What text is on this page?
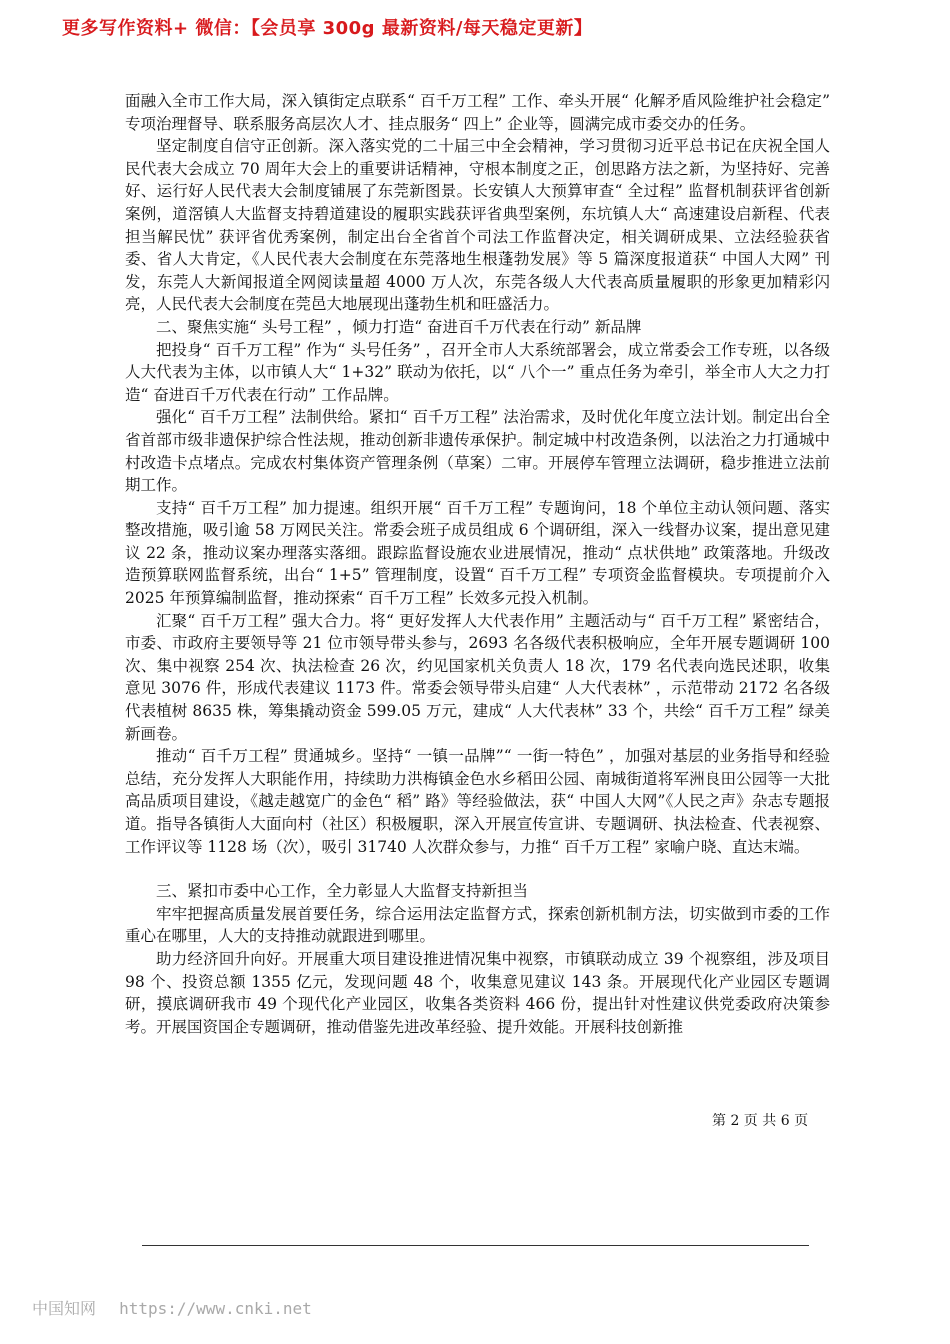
更多写作资料+ 微信：【会员享 300g 最新资料/每天稳定更新】

面融入全市工作大局，深入镇街定点联系“ 百千万工程” 工作、牵头开展“ 化解矛盾风险维护社会稳定” 专项治理督导、联系服务高层次人才、挂点服务“ 四上” 企业等，圆满完成市委交办的任务。

坚定制度自信守正创新。深入落实党的二十届三中全会精神，学习贯彻习近平总书记在庆祝全国人民代表大会成立 70 周年大会上的重要讲话精神，守根本制度之正，创思路方法之新，为坚持好、完善好、运行好人民代表大会制度铺展了东莞新图景。长安镇人大预算审查“ 全过程” 监督机制获评省创新案例，道滘镇人大监督支持碧道建设的履职实践获评省典型案例，东坑镇人大“ 高速建设启新程、代表担当解民忧” 获评省优秀案例，制定出台全省首个司法工作监督决定，相关调研成果、立法经验获省委、省人大肯定，《人民代表大会制度在东莞落地生根蓬勃发展》等 5 篇深度报道获“ 中国人大网” 刊发，东莞人大新闻报道全网阅读量超 4000 万人次，东莞各级人大代表高质量履职的形象更加精彩闪亮，人民代表大会制度在莞邑大地展现出蓬勃生机和旺盛活力。

二、聚焦实施“ 头号工程” ，倾力打造“ 奋进百千万代表在行动” 新品牌

把投身“ 百千万工程” 作为“ 头号任务” ，召开全市人大系统部署会，成立常委会工作专班，以各级人大代表为主体，以市镇人大“ 1+32” 联动为依托，以“ 八个一” 重点任务为牵引，举全市人大之力打造“ 奋进百千万代表在行动” 工作品牌。

强化“ 百千万工程” 法制供给。紧扣“ 百千万工程” 法治需求，及时优化年度立法计划。制定出台全省首部市级非遗保护综合性法规，推动创新非遗传承保护。制定城中村改造条例，以法治之力打通城中村改造卡点堵点。完成农村集体资产管理条例（草案）二审。开展停车管理立法调研，稳步推进立法前期工作。

支持“ 百千万工程” 加力提速。组织开展“ 百千万工程” 专题询问，18 个单位主动认领问题、落实整改措施，吸引逾 58 万网民关注。常委会班子成员组成 6 个调研组，深入一线督办议案，提出意见建议 22 条，推动议案办理落实落细。跟踪监督设施农业进展情况，推动“ 点状供地” 政策落地。升级改造预算联网监督系统，出台“ 1+5” 管理制度，设置“ 百千万工程” 专项资金监督模块。专项提前介入 2025 年预算编制监督，推动探索“ 百千万工程” 长效多元投入机制。

汇聚“ 百千万工程” 强大合力。将“ 更好发挥人大代表作用” 主题活动与“ 百千万工程” 紧密结合，市委、市政府主要领导等 21 位市领导带头参与，2693 名各级代表积极响应，全年开展专题调研 100 次、集中视察 254 次、执法检查 26 次，约见国家机关负责人 18 次，179 名代表向选民述职，收集意见 3076 件，形成代表建议 1173 件。常委会领导带头启建“ 人大代表林” ，示范带动 2172 名各级代表植树 8635 株，筹集撬动资金 599.05 万元，建成“ 人大代表林” 33 个，共绘“ 百千万工程” 绿美新画卷。

推动“ 百千万工程” 贯通城乡。坚持“ 一镇一品牌”“ 一街一特色” ，加强对基层的业务指导和经验总结，充分发挥人大职能作用，持续助力洪梅镇金色水乡稻田公园、南城街道将军洲良田公园等一大批高品质项目建设，《越走越宽广的金色“ 稻” 路》等经验做法，获“ 中国人大网”《人民之声》杂志专题报道。指导各镇街人大面向村（社区）积极履职，深入开展宣传宣讲、专题调研、执法检查、代表视察、工作评议等 1128 场（次），吸引 31740 人次群众参与，力推“ 百千万工程” 家喻户晓、直达末端。

三、紧扣市委中心工作，全力彰显人大监督支持新担当

牢牢把握高质量发展首要任务，综合运用法定监督方式，探索创新机制方法，切实做到市委的工作重心在哪里，人大的支持推动就跟进到哪里。

助力经济回升向好。开展重大项目建设推进情况集中视察，市镇联动成立 39 个视察组，涉及项目 98 个、投资总额 1355 亿元，发现问题 48 个，收集意见建议 143 条。开展现代化产业园区专题调研，摸底调研我市 49 个现代化产业园区，收集各类资料 466 份，提出针对性建议供党委政府决策参考。开展国资国企专题调研，推动借鉴先进改革经验、提升效能。开展科技创新推

第 2 页 共 6 页
中国知网 https://www.cnki.net
